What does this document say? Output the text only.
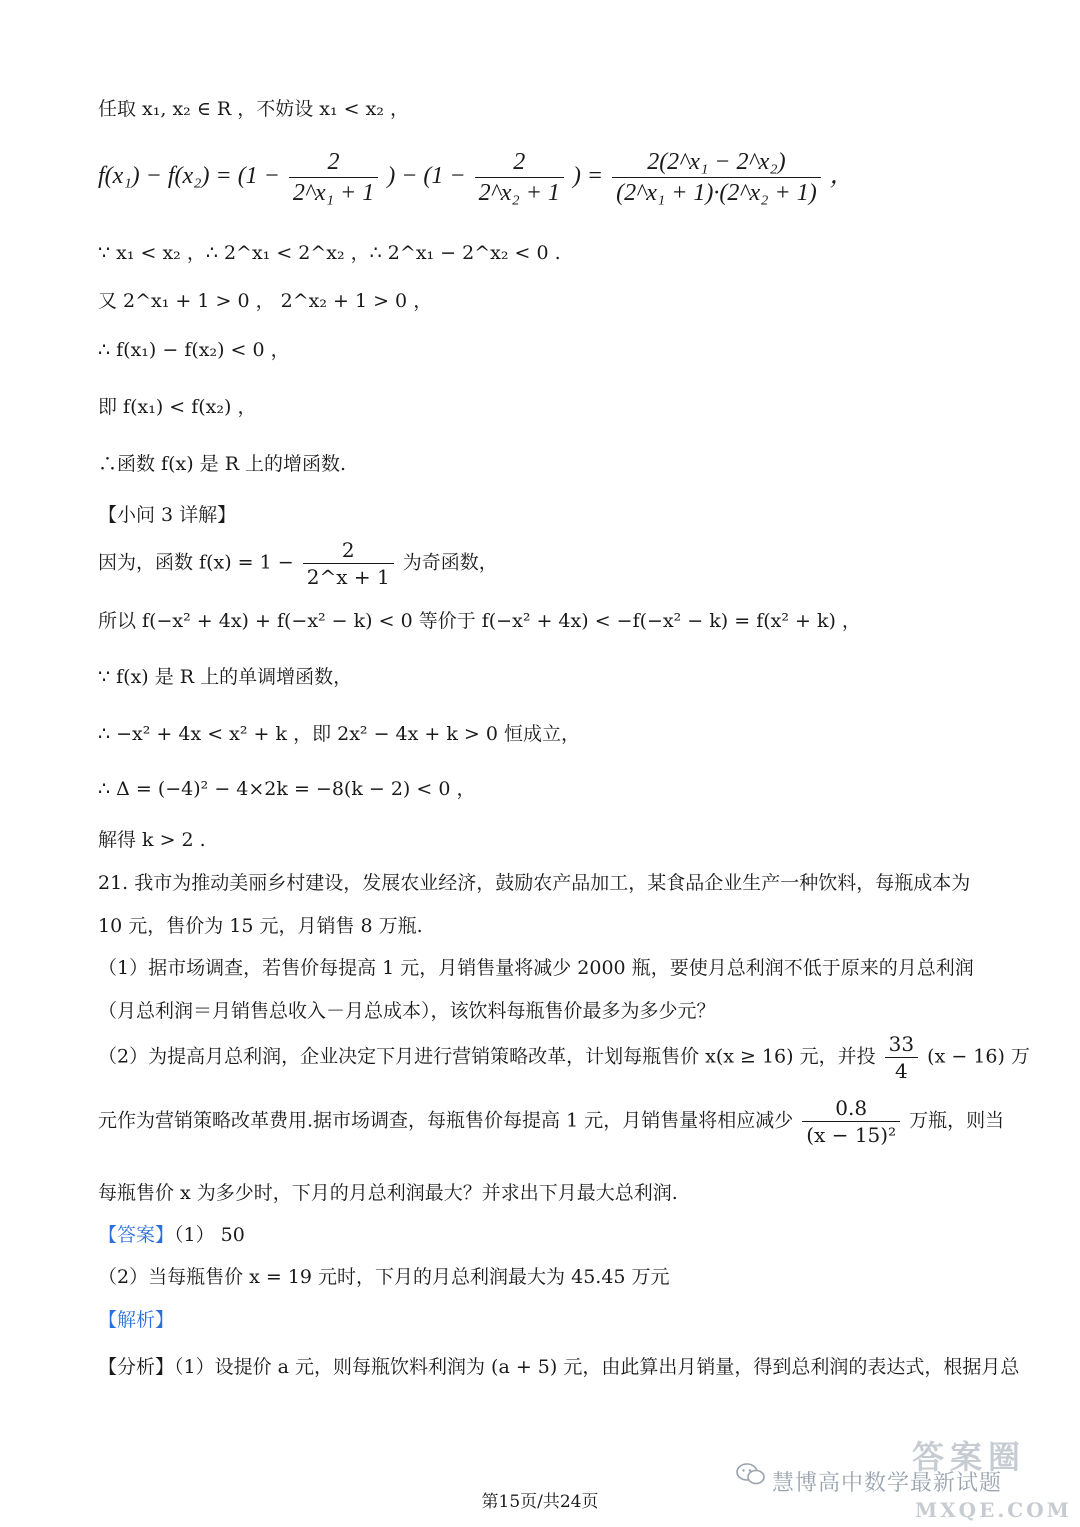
任取 x₁, x₂ ∈ R ，不妨设 x₁ < x₂ ，
$f(x_1) - f(x_2) = (1 - \frac{2}{\text{2\textasciicircum{}x₁ + 1}}$ ) − ($1 - \frac{2}{\text{2\textasciicircum{}x₂ + 1}}$ ) = $\frac{\text{2(2\textasciicircum{}x₁ − 2\textasciicircum{}x₂)}}{\text{(2\textasciicircum{}x₁ + 1)·(2\textasciicircum{}x₂ + 1)}}$ ，
∵ x₁ < x₂ ，∴ 2^x₁ < 2^x₂ ，∴ 2^x₁ − 2^x₂ < 0 .
又 2^x₁ + 1 > 0 ， 2^x₂ + 1 > 0 ，
∴ f(x₁) − f(x₂) < 0 ，
即 f(x₁) < f(x₂) ，
∴函数 f(x) 是 R 上的增函数.
【小问 3 详解】
因为，函数 $f(x) = 1 - \frac{2}{2\^{}x + 1}$ 为奇函数，
所以 f(−x² + 4x) + f(−x² − k) < 0 等价于 f(−x² + 4x) < −f(−x² − k) = f(x² + k) ，
∵ f(x) 是 R 上的单调增函数，
∴ −x² + 4x < x² + k ，即 2x² − 4x + k > 0 恒成立，
∴ Δ = (−4)² − 4×2k = −8(k − 2) < 0 ，
解得 k > 2 .
21. 我市为推动美丽乡村建设，发展农业经济，鼓励农产品加工，某食品企业生产一种饮料，每瓶成本为
10 元，售价为 15 元，月销售 8 万瓶.
（1）据市场调查，若售价每提高 1 元，月销售量将减少 2000 瓶，要使月总利润不低于原来的月总利润
（月总利润＝月销售总收入－月总成本），该饮料每瓶售价最多为多少元？
（2）为提高月总利润，企业决定下月进行营销策略改革，计划每瓶售价 x(x ≥ 16) 元，并投 $\frac{33}{4} (x - 16)$ 万
元作为营销策略改革费用.据市场调查，每瓶售价每提高 1 元，月销售量将相应减少 $\frac{0.8}{\text{(x − 15)²}}$ 万瓶，则当
每瓶售价 x 为多少时，下月的月总利润最大？并求出下月最大总利润.
【答案】（1） 50
（2）当每瓶售价 x = 19 元时，下月的月总利润最大为 45.45 万元
【解析】
【分析】（1）设提价 a 元，则每瓶饮料利润为 (a + 5) 元，由此算出月销量，得到总利润的表达式，根据月总
慧博高中数学最新试题
答案圈
MXQE.COM
第15页/共24页
